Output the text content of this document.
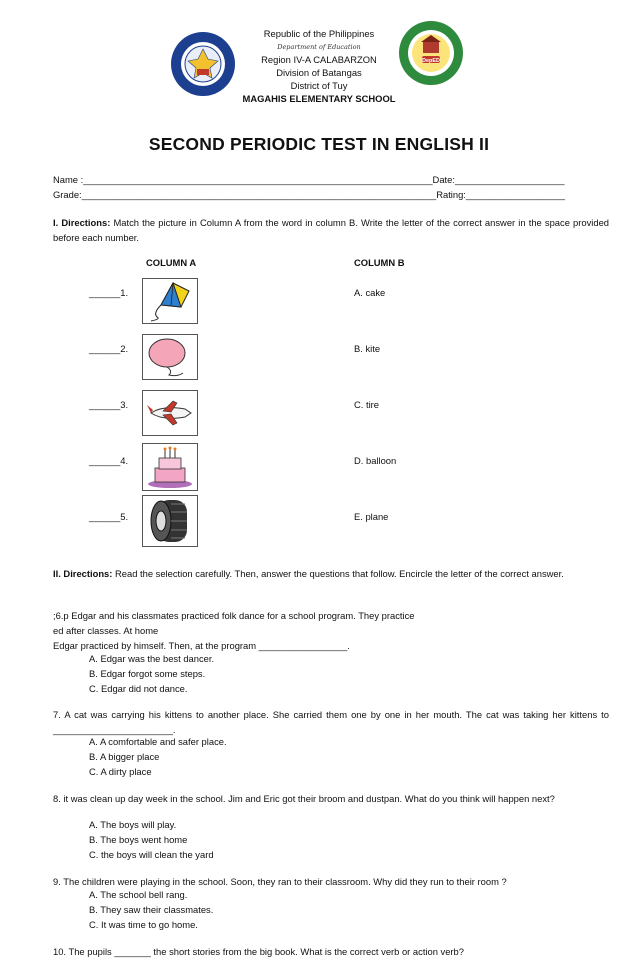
DepED
Republic of the Philippines
Department of Education
Region IV-A CALABARZON
Division of Batangas
District of Tuy
MAGAHIS ELEMENTARY SCHOOL
SECOND PERIODIC TEST IN ENGLISH II
Name :___________________________________________________________________Date:_____________________
Grade:____________________________________________________________________Rating:___________________
I. Directions: Match the picture in Column A from the word in column B. Write the letter of the correct answer in the space provided before each number.
COLUMN A	COLUMN B
______1.	A. cake
______2.	B. kite
______3.	C. tire
______4.	D. balloon
______5.	E. plane
II. Directions: Read the selection carefully. Then, answer the questions that follow. Encircle the letter of the correct answer.
;6.p Edgar and his classmates practiced folk dance for a school program. They practice
ed after classes. At home
Edgar practiced by himself. Then, at the program _________________.
A. Edgar was the best dancer.
B. Edgar forgot some steps.
C. Edgar did not dance.
7. A cat was carrying his kittens to another place. She carried them one by one in her mouth. The cat was taking her kittens to _______________________.
A. A comfortable and safer place.
B. A bigger place
C. A dirty place
8. it was clean up day week in the school. Jim and Eric got their broom and dustpan. What do you think will happen next?
A. The boys will play.
B. The boys went home
C. the boys will clean the yard
9. The children were playing in the school. Soon, they ran to their classroom. Why did they run to their room ?
A. The school bell rang.
B. They saw their classmates.
C. It was time to go home.
10. The pupils _______ the short stories from the big book. What is the correct verb or action verb?
